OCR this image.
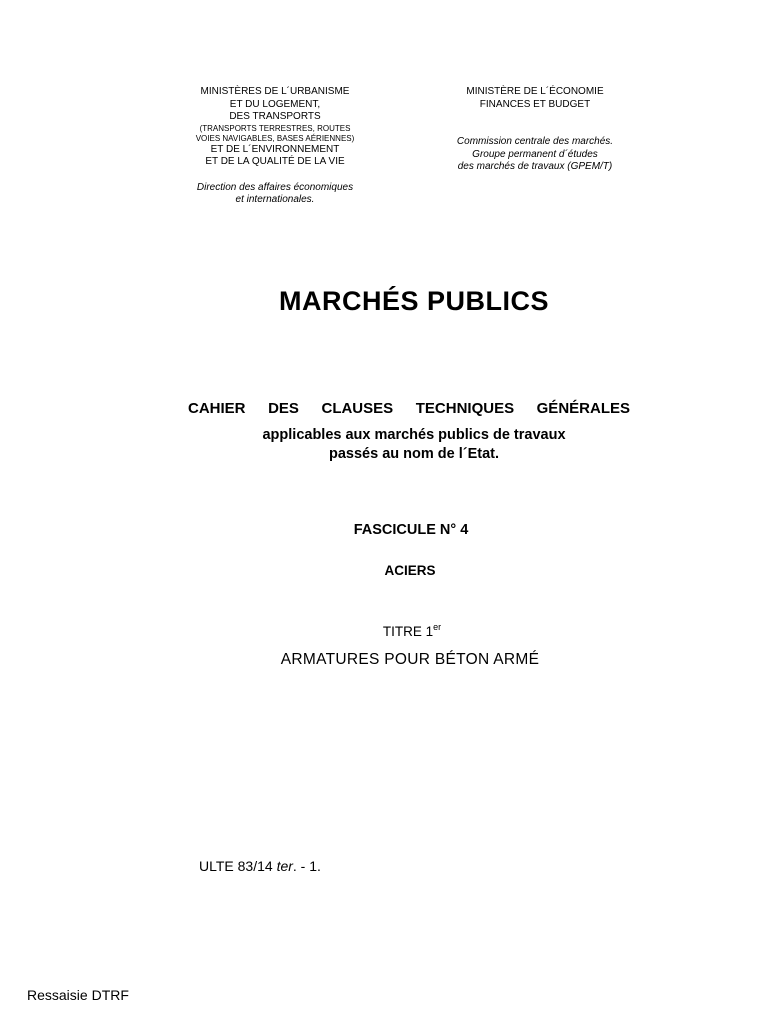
MINISTÈRES DE L´URBANISME
ET DU LOGEMENT,
DES TRANSPORTS
(TRANSPORTS TERRESTRES, ROUTES
VOIES NAVIGABLES, BASES AÉRIENNES)
ET DE L´ENVIRONNEMENT
ET DE LA QUALITÉ DE LA VIE
Direction des affaires économiques
et internationales.
MINISTÈRE DE L´ÉCONOMIE
FINANCES ET BUDGET
Commission centrale des marchés.
Groupe permanent d´études
des marchés de travaux (GPEM/T)
MARCHÉS PUBLICS
CAHIER DES CLAUSES TECHNIQUES GÉNÉRALES
applicables aux marchés publics de travaux
passés au nom de l´Etat.
FASCICULE N° 4
ACIERS
TITRE 1er
ARMATURES POUR BÉTON ARMÉ
ULTE 83/14 ter. - 1.
Ressaisie DTRF
